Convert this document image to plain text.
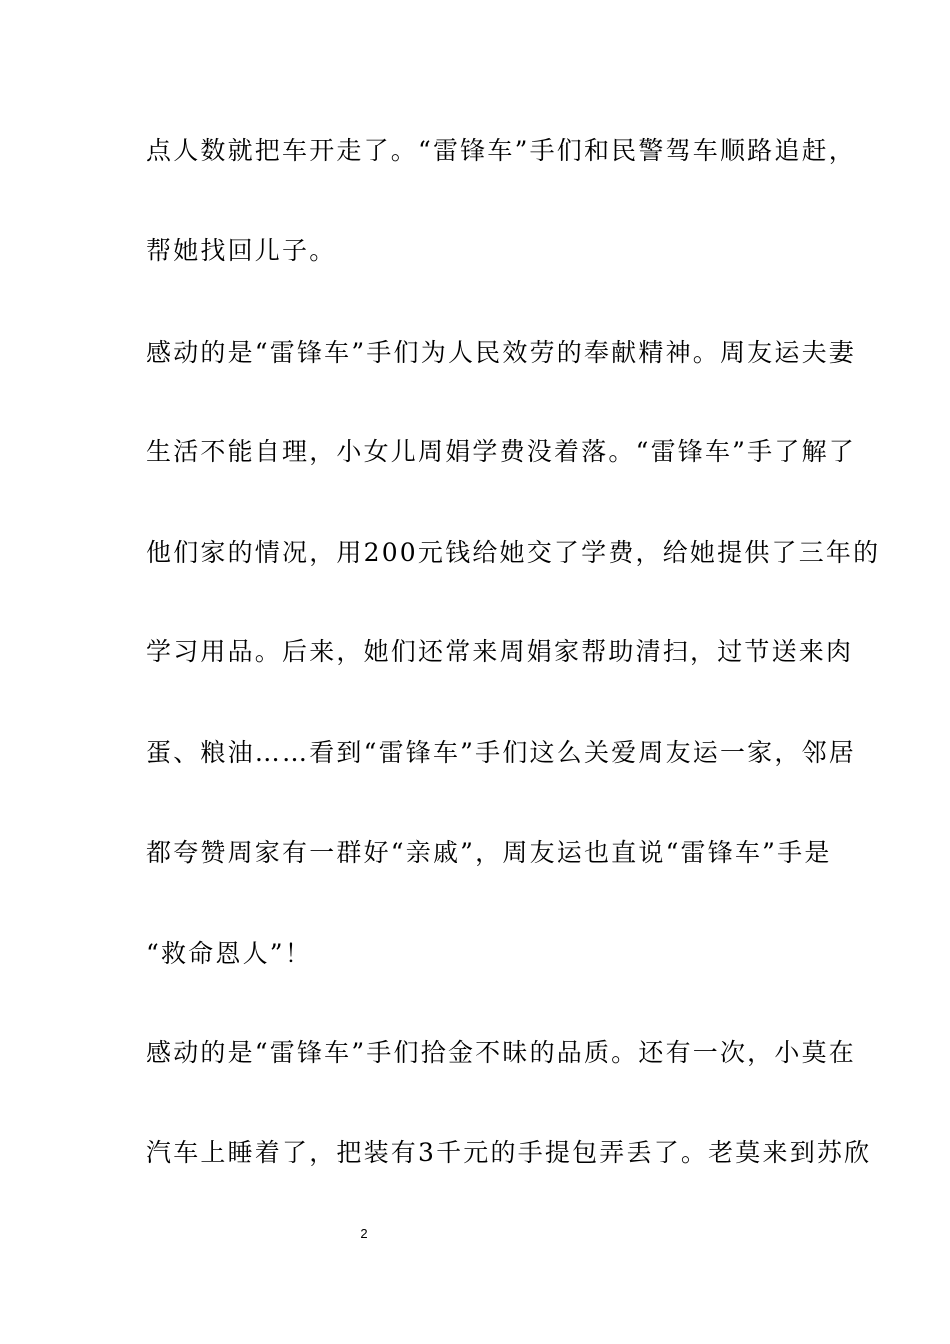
点人数就把车开走了。“雷锋车”手们和民警驾车顺路追赶，
帮她找回儿子。
感动的是“雷锋车”手们为人民效劳的奉献精神。周友运夫妻
生活不能自理，小女儿周娟学费没着落。“雷锋车”手了解了
他们家的情况，用200元钱给她交了学费，给她提供了三年的
学习用品。后来，她们还常来周娟家帮助清扫，过节送来肉
蛋、粮油……看到“雷锋车”手们这么关爱周友运一家，邻居
都夸赞周家有一群好“亲戚”，周友运也直说“雷锋车”手是
“救命恩人”！
感动的是“雷锋车”手们拾金不昧的品质。还有一次，小莫在
汽车上睡着了，把装有3千元的手提包弄丢了。老莫来到苏欣
2
